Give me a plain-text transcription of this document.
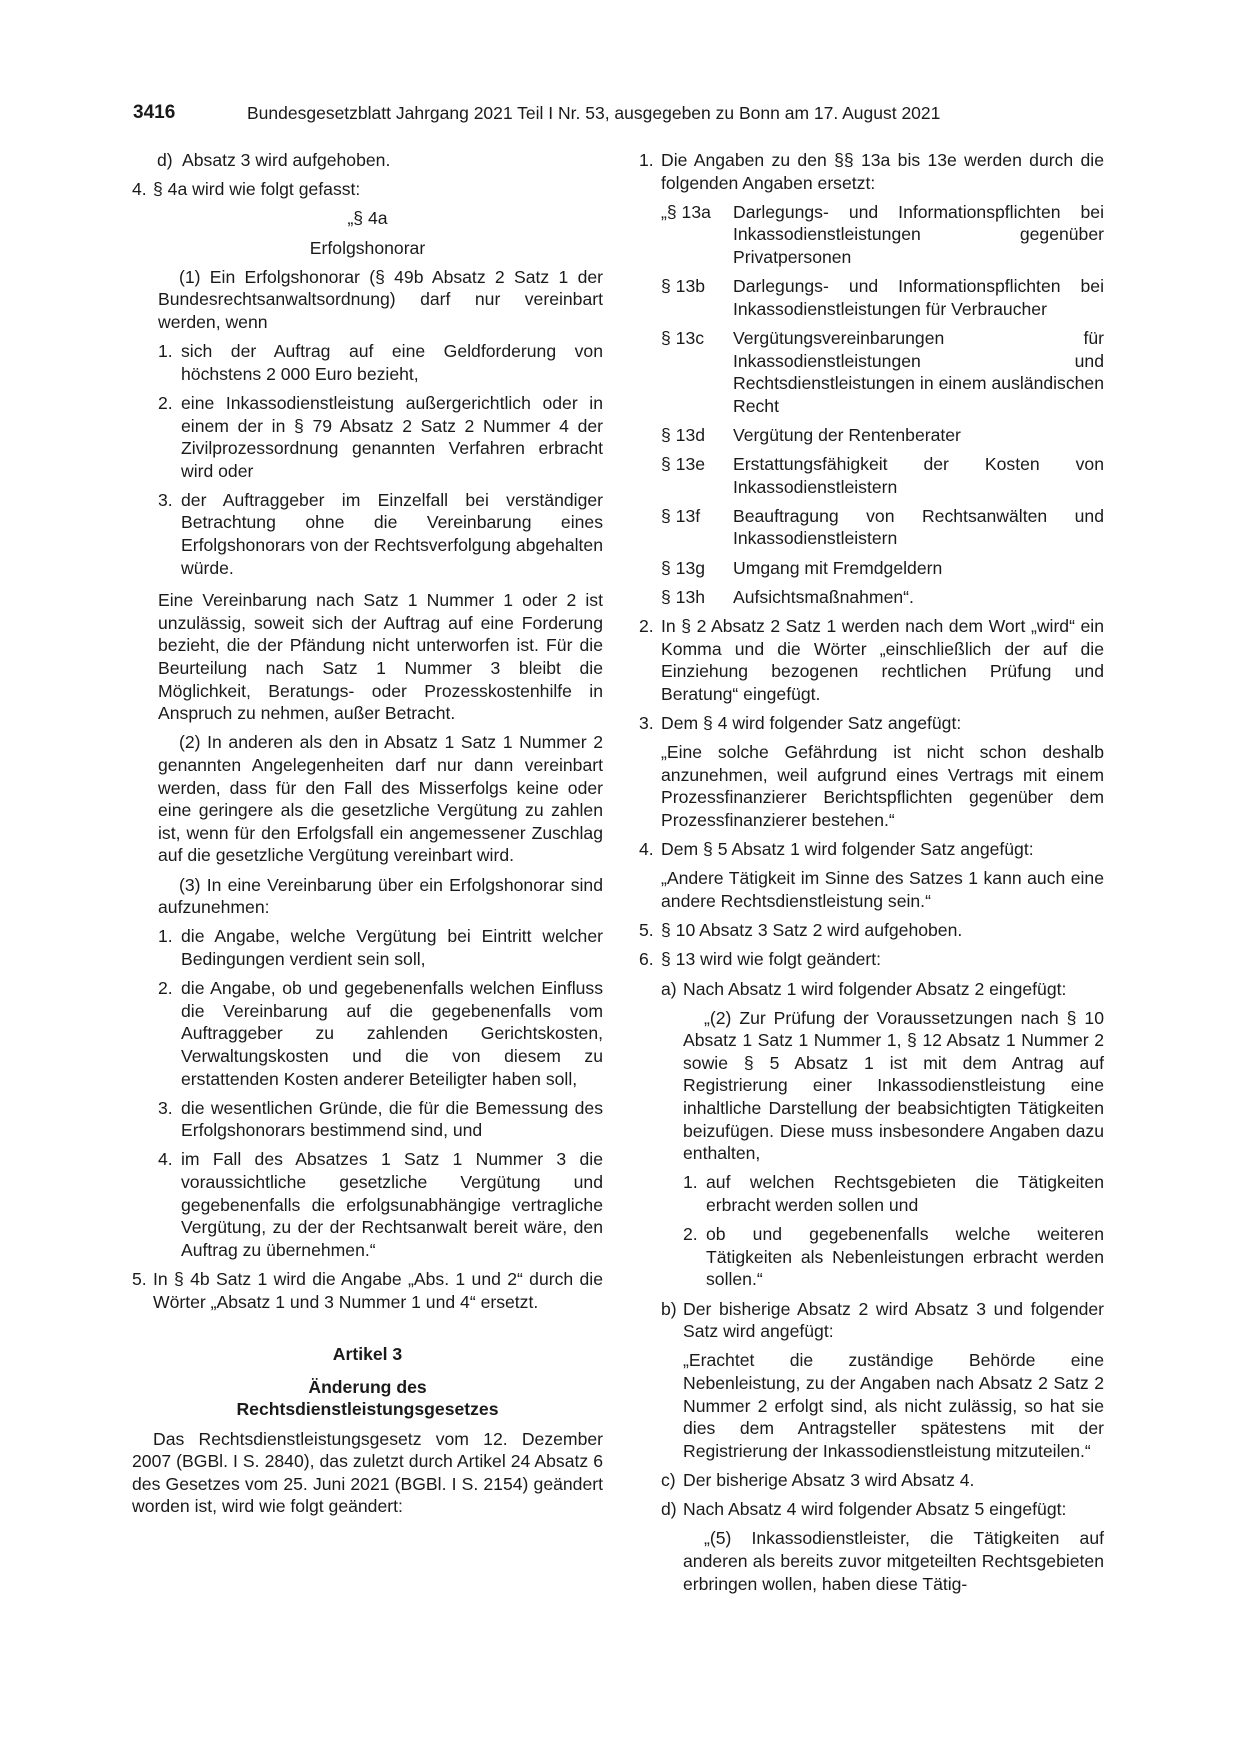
3416	Bundesgesetzblatt Jahrgang 2021 Teil I Nr. 53, ausgegeben zu Bonn am 17. August 2021
d) Absatz 3 wird aufgehoben.
4. § 4a wird wie folgt gefasst:

„§ 4a

Erfolgshonorar

(1) Ein Erfolgshonorar (§ 49b Absatz 2 Satz 1 der Bundesrechtsanwaltsordnung) darf nur vereinbart werden, wenn

1. sich der Auftrag auf eine Geldforderung von höchstens 2 000 Euro bezieht,
2. eine Inkassodienstleistung außergerichtlich oder in einem der in § 79 Absatz 2 Satz 2 Nummer 4 der Zivilprozessordnung genannten Verfahren erbracht wird oder
3. der Auftraggeber im Einzelfall bei verständiger Betrachtung ohne die Vereinbarung eines Erfolgshonorars von der Rechtsverfolgung abgehalten würde.

Eine Vereinbarung nach Satz 1 Nummer 1 oder 2 ist unzulässig, soweit sich der Auftrag auf eine Forderung bezieht, die der Pfändung nicht unterworfen ist. Für die Beurteilung nach Satz 1 Nummer 3 bleibt die Möglichkeit, Beratungs- oder Prozesskostenhilfe in Anspruch zu nehmen, außer Betracht.

(2) In anderen als den in Absatz 1 Satz 1 Nummer 2 genannten Angelegenheiten darf nur dann vereinbart werden, dass für den Fall des Misserfolgs keine oder eine geringere als die gesetzliche Vergütung zu zahlen ist, wenn für den Erfolgsfall ein angemessener Zuschlag auf die gesetzliche Vergütung vereinbart wird.

(3) In eine Vereinbarung über ein Erfolgshonorar sind aufzunehmen:

1. die Angabe, welche Vergütung bei Eintritt welcher Bedingungen verdient sein soll,
2. die Angabe, ob und gegebenenfalls welchen Einfluss die Vereinbarung auf die gegebenenfalls vom Auftraggeber zu zahlenden Gerichtskosten, Verwaltungskosten und die von diesem zu erstattenden Kosten anderer Beteiligter haben soll,
3. die wesentlichen Gründe, die für die Bemessung des Erfolgshonorars bestimmend sind, und
4. im Fall des Absatzes 1 Satz 1 Nummer 3 die voraussichtliche gesetzliche Vergütung und gegebenenfalls die erfolgsunabhängige vertragliche Vergütung, zu der der Rechtsanwalt bereit wäre, den Auftrag zu übernehmen.“
5. In § 4b Satz 1 wird die Angabe „Abs. 1 und 2“ durch die Wörter „Absatz 1 und 3 Nummer 1 und 4“ ersetzt.

Artikel 3

Änderung des

Rechtsdienstleistungsgesetzes

Das Rechtsdienstleistungsgesetz vom 12. Dezember 2007 (BGBl. I S. 2840), das zuletzt durch Artikel 24 Absatz 6 des Gesetzes vom 25. Juni 2021 (BGBl. I S. 2154) geändert worden ist, wird wie folgt geändert:

1. Die Angaben zu den §§ 13a bis 13e werden durch die folgenden Angaben ersetzt:
„§ 13a	Darlegungs- und Informationspflichten bei Inkassodienstleistungen gegenüber Privatpersonen
§ 13b	Darlegungs- und Informationspflichten bei Inkassodienstleistungen für Verbraucher
§ 13c	Vergütungsvereinbarungen für Inkassodienstleistungen und Rechtsdienstleistungen in einem ausländischen Recht
§ 13d	Vergütung der Rentenberater
§ 13e	Erstattungsfähigkeit der Kosten von Inkassodienstleistern
§ 13f	Beauftragung von Rechtsanwälten und Inkassodienstleistern
§ 13g	Umgang mit Fremdgeldern
§ 13h	Aufsichtsmaßnahmen“.
2. In § 2 Absatz 2 Satz 1 werden nach dem Wort „wird“ ein Komma und die Wörter „einschließlich der auf die Einziehung bezogenen rechtlichen Prüfung und Beratung“ eingefügt.
3. Dem § 4 wird folgender Satz angefügt:

„Eine solche Gefährdung ist nicht schon deshalb anzunehmen, weil aufgrund eines Vertrags mit einem Prozessfinanzierer Berichtspflichten gegenüber dem Prozessfinanzierer bestehen.“

4. Dem § 5 Absatz 1 wird folgender Satz angefügt:

„Andere Tätigkeit im Sinne des Satzes 1 kann auch eine andere Rechtsdienstleistung sein.“

5. § 10 Absatz 3 Satz 2 wird aufgehoben.
6. § 13 wird wie folgt geändert:
a) Nach Absatz 1 wird folgender Absatz 2 eingefügt:

„(2) Zur Prüfung der Voraussetzungen nach § 10 Absatz 1 Satz 1 Nummer 1, § 12 Absatz 1 Nummer 2 sowie § 5 Absatz 1 ist mit dem Antrag auf Registrierung einer Inkassodienstleistung eine inhaltliche Darstellung der beabsichtigten Tätigkeiten beizufügen. Diese muss insbesondere Angaben dazu enthalten,

1. auf welchen Rechtsgebieten die Tätigkeiten erbracht werden sollen und
2. ob und gegebenenfalls welche weiteren Tätigkeiten als Nebenleistungen erbracht werden sollen.“
b) Der bisherige Absatz 2 wird Absatz 3 und folgender Satz wird angefügt:

„Erachtet die zuständige Behörde eine Nebenleistung, zu der Angaben nach Absatz 2 Satz 2 Nummer 2 erfolgt sind, als nicht zulässig, so hat sie dies dem Antragsteller spätestens mit der Registrierung der Inkassodienstleistung mitzuteilen.“

c) Der bisherige Absatz 3 wird Absatz 4.
d) Nach Absatz 4 wird folgender Absatz 5 eingefügt:

„(5) Inkassodienstleister, die Tätigkeiten auf anderen als bereits zuvor mitgeteilten Rechtsgebieten erbringen wollen, haben diese Tätig-
